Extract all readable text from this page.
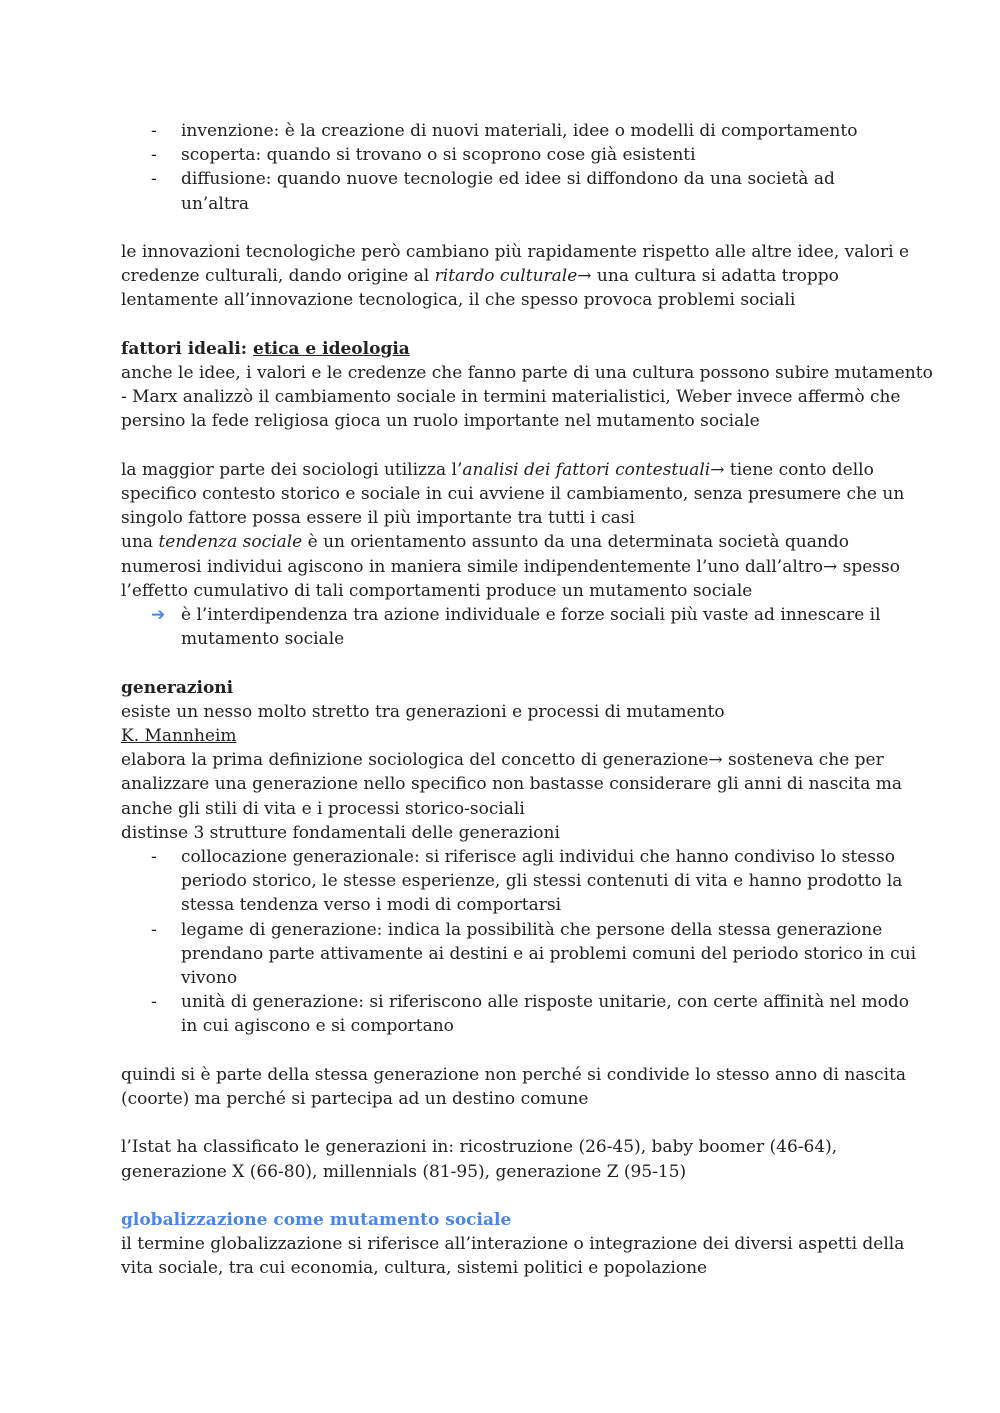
- invenzione: è la creazione di nuovi materiali, idee o modelli di comportamento
- scoperta: quando si trovano o si scoprono cose già esistenti
- diffusione: quando nuove tecnologie ed idee si diffondono da una società ad un’altra

le innovazioni tecnologiche però cambiano più rapidamente rispetto alle altre idee, valori e

credenze culturali, dando origine al ritardo culturale→ una cultura si adatta troppo

lentamente all’innovazione tecnologica, il che spesso provoca problemi sociali

fattori ideali: etica e ideologia

anche le idee, i valori e le credenze che fanno parte di una cultura possono subire mutamento

- Marx analizzò il cambiamento sociale in termini materialistici, Weber invece affermò che

persino la fede religiosa gioca un ruolo importante nel mutamento sociale

la maggior parte dei sociologi utilizza l’analisi dei fattori contestuali→ tiene conto dello

specifico contesto storico e sociale in cui avviene il cambiamento, senza presumere che un

singolo fattore possa essere il più importante tra tutti i casi

una tendenza sociale è un orientamento assunto da una determinata società quando

numerosi individui agiscono in maniera simile indipendentemente l’uno dall’altro→ spesso

l’effetto cumulativo di tali comportamenti produce un mutamento sociale

➔ è l’interdipendenza tra azione individuale e forze sociali più vaste ad innescare il
mutamento sociale

generazioni

esiste un nesso molto stretto tra generazioni e processi di mutamento

K. Mannheim

elabora la prima definizione sociologica del concetto di generazione→ sosteneva che per

analizzare una generazione nello specifico non bastasse considerare gli anni di nascita ma

anche gli stili di vita e i processi storico-sociali

distinse 3 strutture fondamentali delle generazioni

- collocazione generazionale: si riferisce agli individui che hanno condiviso lo stesso
periodo storico, le stesse esperienze, gli stessi contenuti di vita e hanno prodotto la
stessa tendenza verso i modi di comportarsi
- legame di generazione: indica la possibilità che persone della stessa generazione
prendano parte attivamente ai destini e ai problemi comuni del periodo storico in cui
vivono
- unità di generazione: si riferiscono alle risposte unitarie, con certe affinità nel modo
in cui agiscono e si comportano

quindi si è parte della stessa generazione non perché si condivide lo stesso anno di nascita

(coorte) ma perché si partecipa ad un destino comune

l’Istat ha classificato le generazioni in: ricostruzione (26-45), baby boomer (46-64),

generazione X (66-80), millennials (81-95), generazione Z (95-15)

globalizzazione come mutamento sociale

il termine globalizzazione si riferisce all’interazione o integrazione dei diversi aspetti della

vita sociale, tra cui economia, cultura, sistemi politici e popolazione
